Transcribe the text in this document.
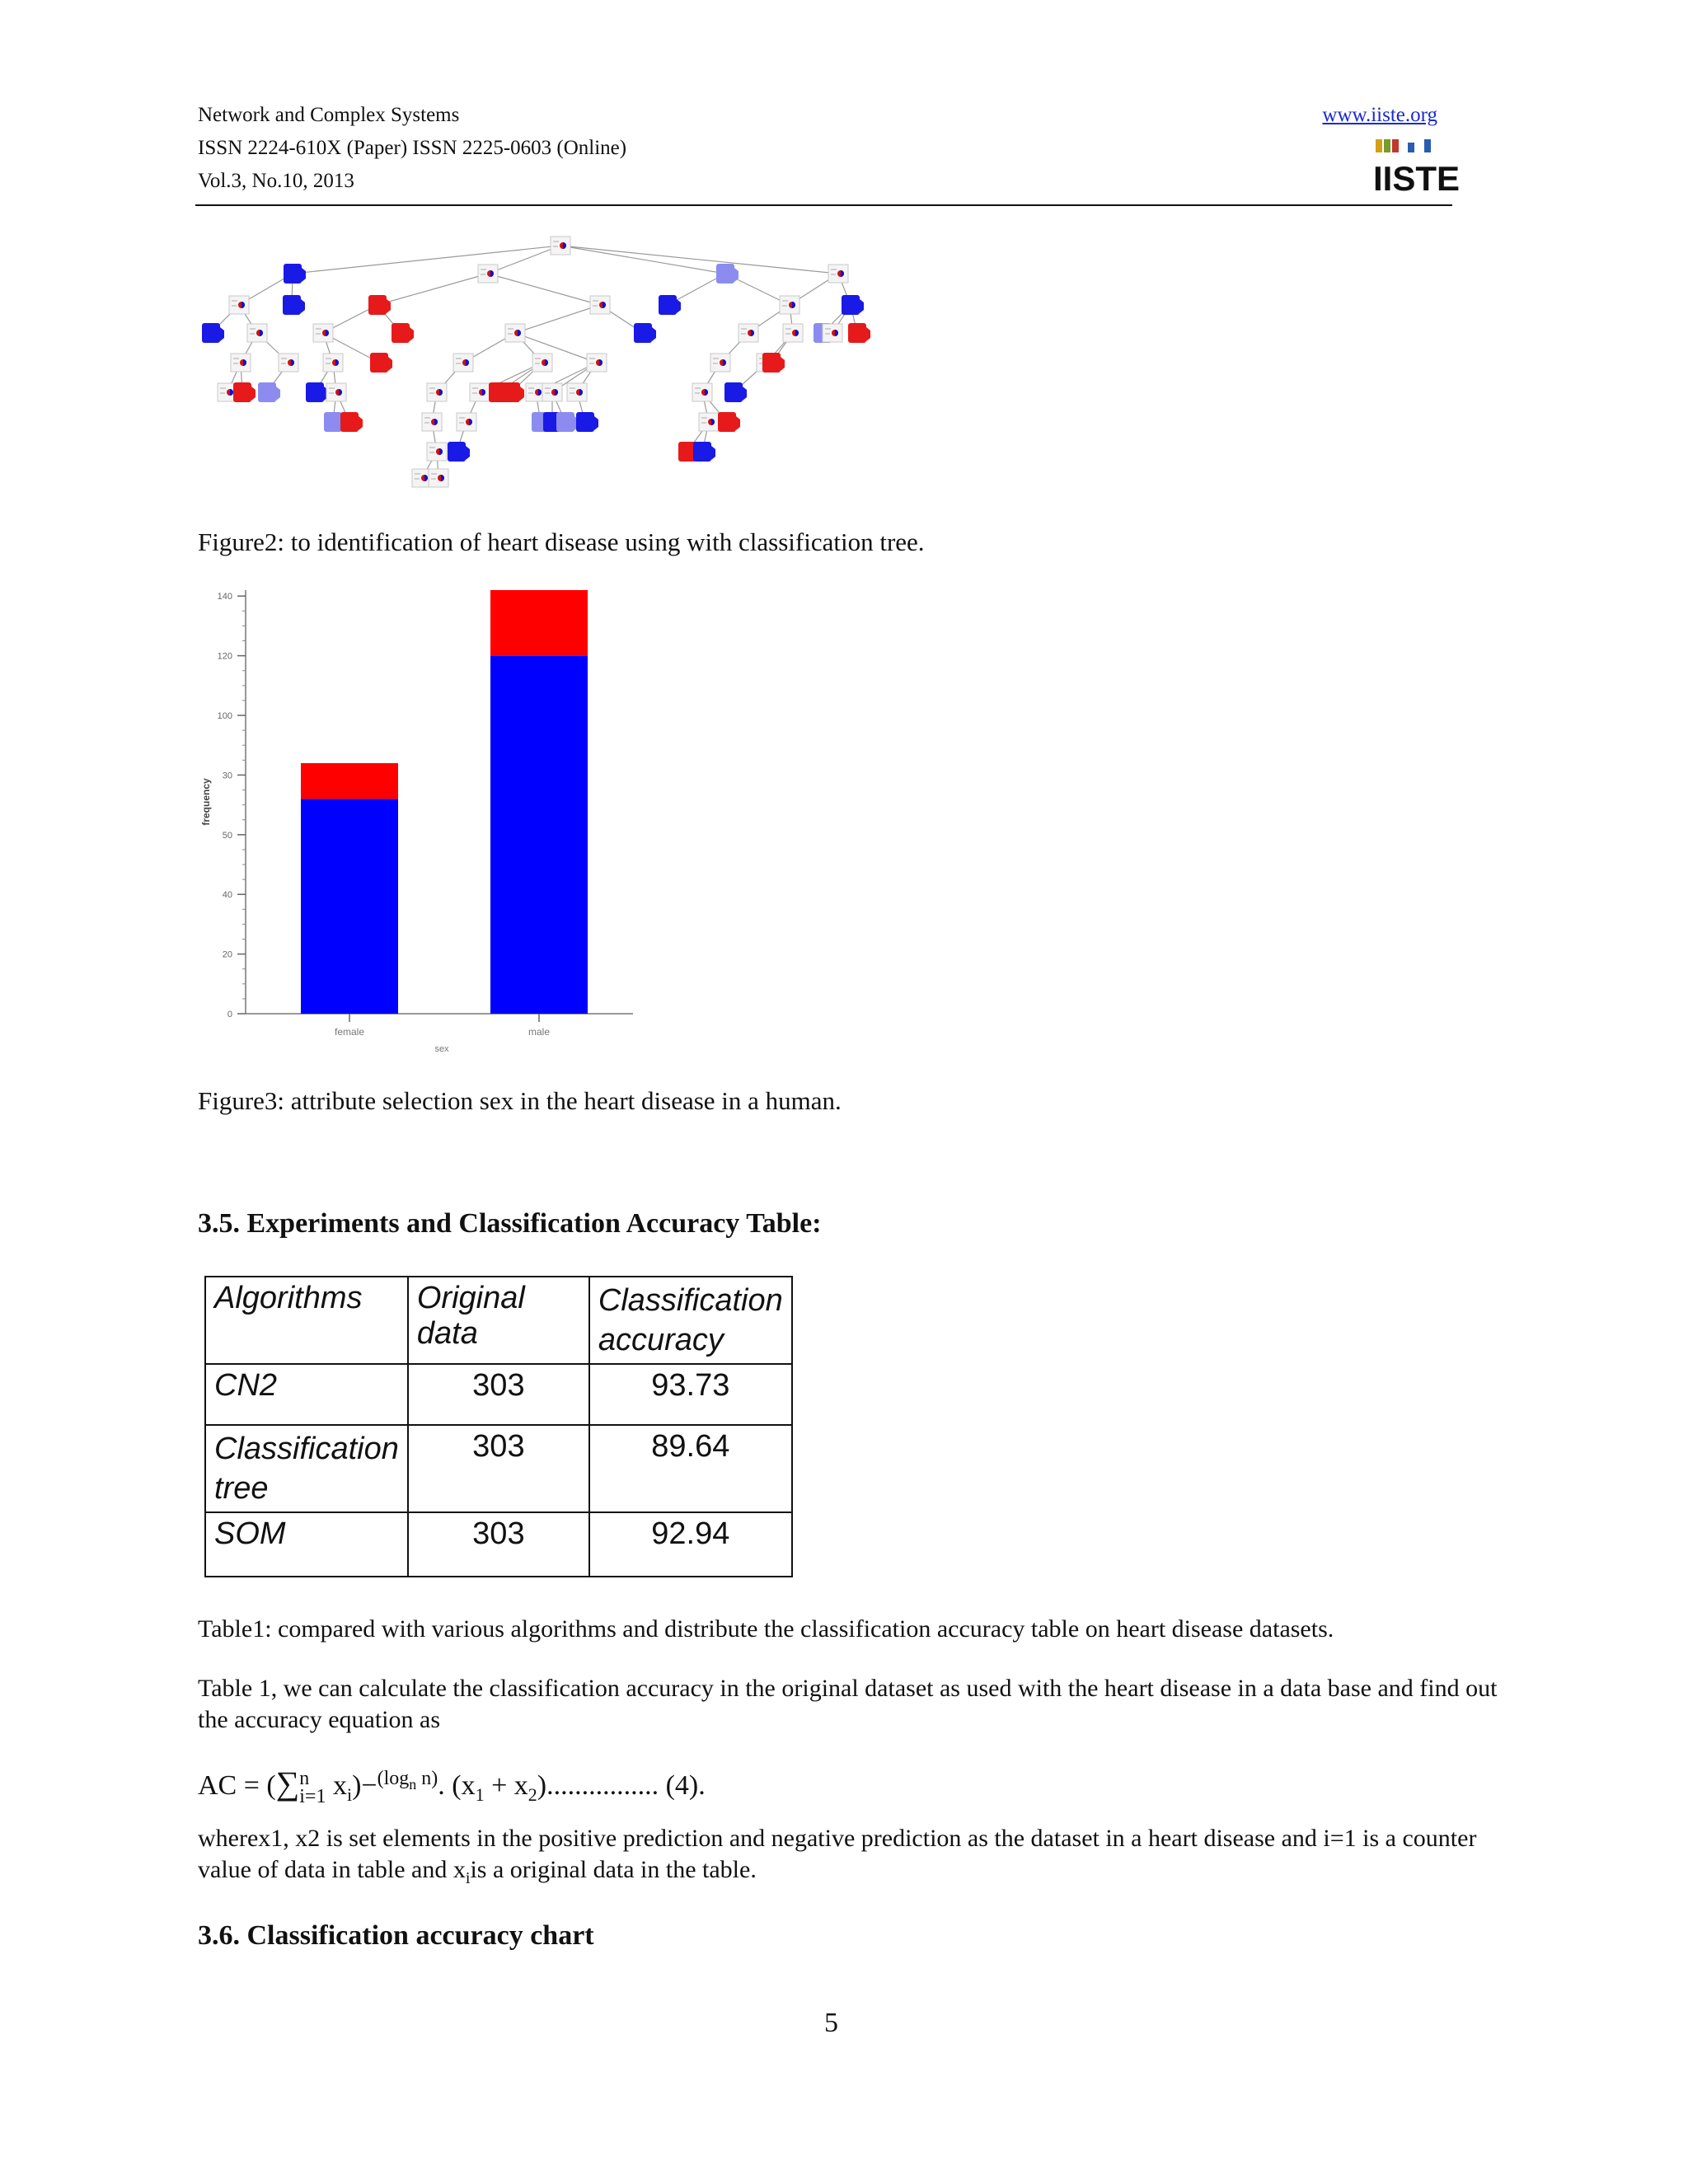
Network and Complex Systems
ISSN 2224-610X (Paper) ISSN 2225-0603 (Online)
Vol.3, No.10, 2013
www.iiste.org
IISTE
Figure2: to identification of heart disease using with classification tree.
0
20
40
50
30
100
120
140
frequency
female	male
sex
Figure3: attribute selection sex in the heart disease in a human.
3.5. Experiments and Classification Accuracy Table:
Algorithms	Original data	Classification
accuracy
CN2	303	93.73
Classification
tree	303	89.64
SOM	303	92.94
Table1: compared with various algorithms and distribute the classification accuracy table on heart disease datasets.
Table 1, we can calculate the classification accuracy in the original dataset as used with the heart disease in a data base and find out the accuracy equation as
AC = (∑n
i=1 $x_i)-^{(log_n n)}$. $(x_1 + x_2)$................ (4).
wherex1, x2 is set elements in the positive prediction and negative prediction as the dataset in a heart disease and i=1 is a counter value of data in table and $x_iis$ a original data in the table.
3.6. Classification accuracy chart
5
